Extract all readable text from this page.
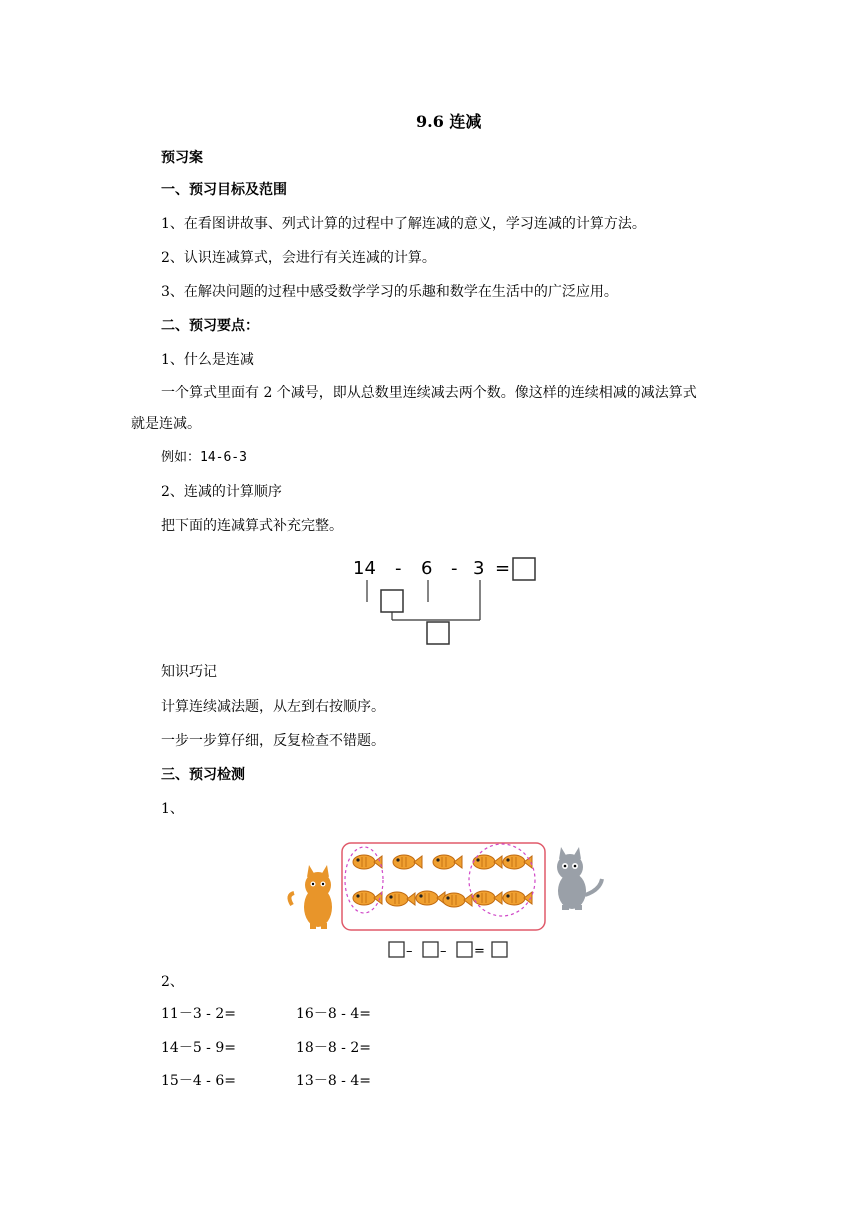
9.6 连减
预习案
一、预习目标及范围
1、在看图讲故事、列式计算的过程中了解连减的意义，学习连减的计算方法。
2、认识连减算式，会进行有关连减的计算。
3、在解决问题的过程中感受数学学习的乐趣和数学在生活中的广泛应用。
二、预习要点：
1、什么是连减
一个算式里面有 2 个减号，即从总数里连续减去两个数。像这样的连续相减的减法算式
就是连减。
例如：14-6-3
2、连减的计算顺序
把下面的连减算式补充完整。
14 - 6 - 3 =
知识巧记
计算连续减法题，从左到右按顺序。
一步一步算仔细，反复检查不错题。
三、预习检测
1、
– – =
2、
11－3 - 2=	16－8 - 4=
14－5 - 9=	18－8 - 2=
15－4 - 6=	13－8 - 4=
